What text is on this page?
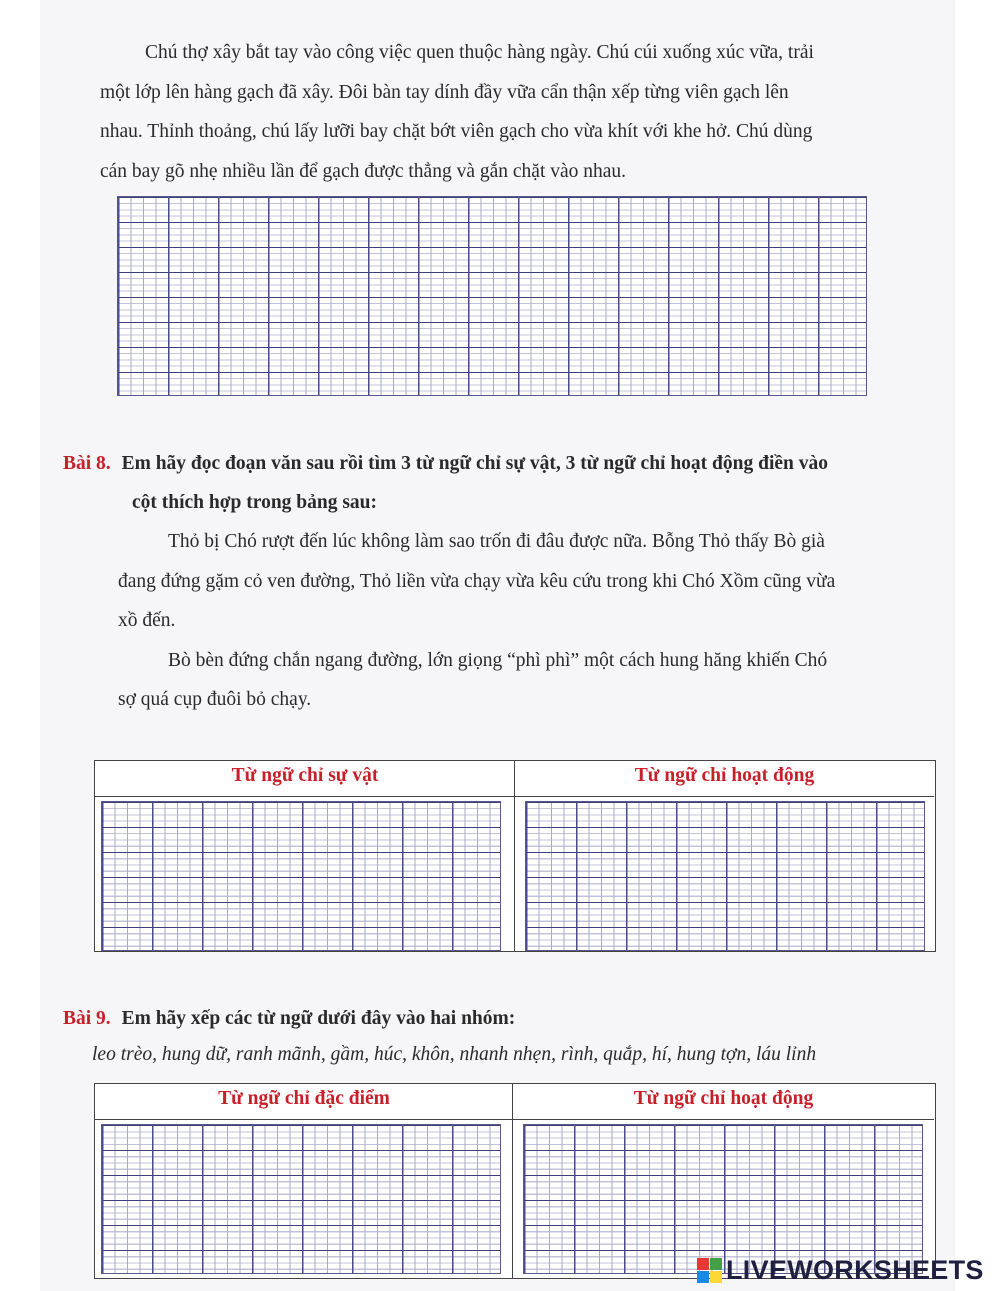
Chú thợ xây bắt tay vào công việc quen thuộc hàng ngày. Chú cúi xuống xúc vữa, trải
một lớp lên hàng gạch đã xây. Đôi bàn tay dính đầy vữa cẩn thận xếp từng viên gạch lên
nhau. Thỉnh thoảng, chú lấy lưỡi bay chặt bớt viên gạch cho vừa khít với khe hở. Chú dùng
cán bay gõ nhẹ nhiều lần để gạch được thẳng và gắn chặt vào nhau.
Bài 8. Em hãy đọc đoạn văn sau rồi tìm 3 từ ngữ chỉ sự vật, 3 từ ngữ chỉ hoạt động điền vào
cột thích hợp trong bảng sau:
Thỏ bị Chó rượt đến lúc không làm sao trốn đi đâu được nữa. Bỗng Thỏ thấy Bò già
đang đứng gặm cỏ ven đường, Thỏ liền vừa chạy vừa kêu cứu trong khi Chó Xồm cũng vừa
xồ đến.
Bò bèn đứng chắn ngang đường, lớn giọng “phì phì” một cách hung hăng khiến Chó
sợ quá cụp đuôi bỏ chạy.
Từ ngữ chỉ sự vật	Từ ngữ chỉ hoạt động
Bài 9. Em hãy xếp các từ ngữ dưới đây vào hai nhóm:
leo trèo, hung dữ, ranh mãnh, gầm, húc, khôn, nhanh nhẹn, rình, quắp, hí, hung tợn, láu lỉnh
Từ ngữ chỉ đặc điểm	Từ ngữ chỉ hoạt động
LIVEWORKSHEETS
